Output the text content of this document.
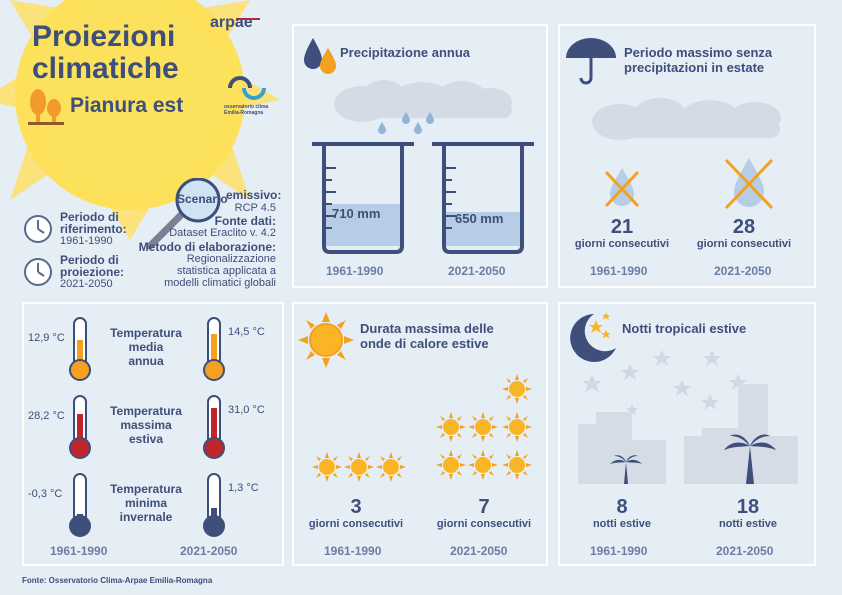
Proiezioni
climatiche
Pianura est
arpae
osservatorio clima Emilia-Romagna
Scenario
emissivo:
RCP 4.5
Fonte dati:
Dataset Eraclito v. 4.2
Metodo di elaborazione:
Regionalizzazione
statistica applicata a
modelli climatici globali
Periodo di
riferimento:
1961-1990
Periodo di
proiezione:
2021-2050
Precipitazione annua
710 mm	650 mm
1961-1990	2021-2050
Periodo massimo senza
precipitazioni in estate
21
giorni consecutivi
28
giorni consecutivi
1961-1990	2021-2050
12,9 °C	14,5 °C
Temperatura
media
annua
28,2 °C	31,0 °C
Temperatura
massima
estiva
-0,3 °C	1,3 °C
Temperatura
minima
invernale
1961-1990	2021-2050
Durata massima delle
onde di calore estive
3
giorni consecutivi
7
giorni consecutivi
1961-1990	2021-2050
Notti tropicali estive
8
notti estive
18
notti estive
1961-1990	2021-2050
Fonte: Osservatorio Clima-Arpae Emilia-Romagna
